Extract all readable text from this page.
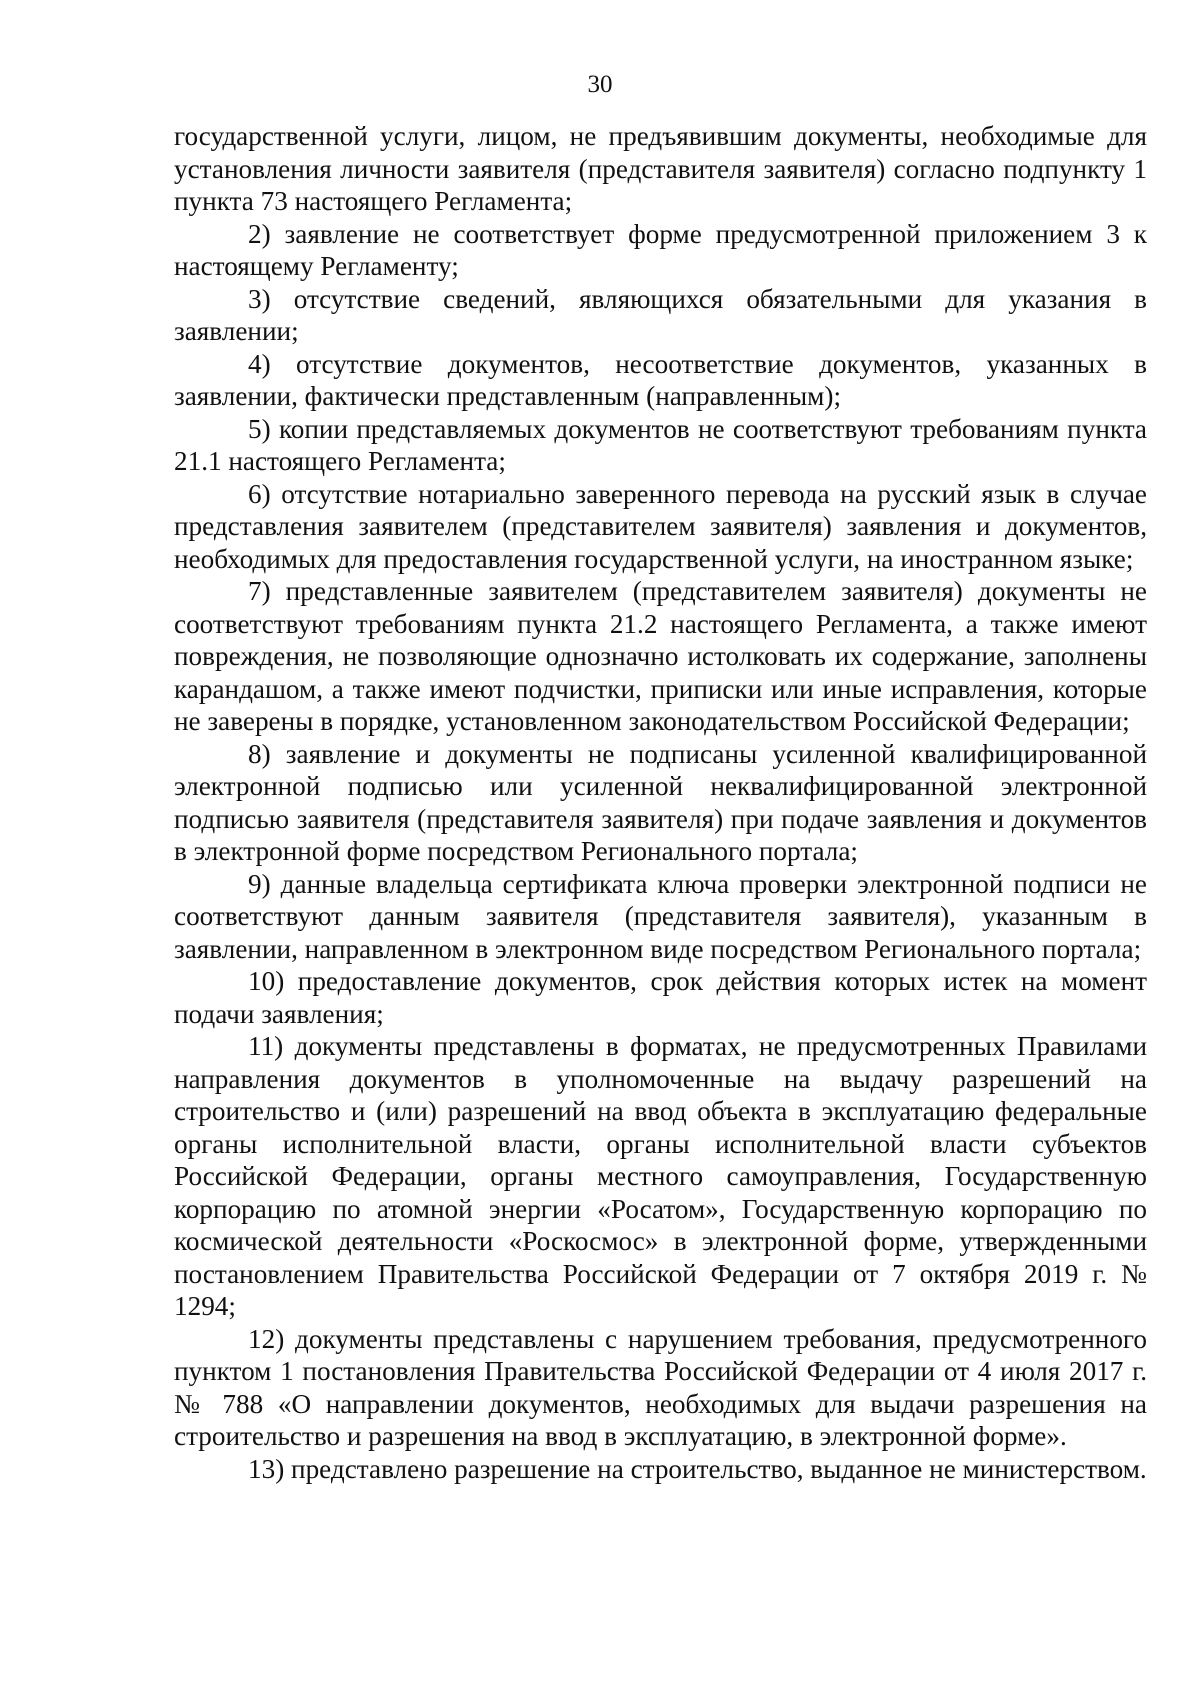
30

государственной услуги, лицом, не предъявившим документы, необходимые для установления личности заявителя (представителя заявителя) согласно подпункту 1 пункта 73 настоящего Регламента;

2) заявление не соответствует форме предусмотренной приложением 3 к настоящему Регламенту;

3) отсутствие сведений, являющихся обязательными для указания в заявлении;

4) отсутствие документов, несоответствие документов, указанных в заявлении, фактически представленным (направленным);

5) копии представляемых документов не соответствуют требованиям пункта 21.1 настоящего Регламента;

6) отсутствие нотариально заверенного перевода на русский язык в случае представления заявителем (представителем заявителя) заявления и документов, необходимых для предоставления государственной услуги, на иностранном языке;

7) представленные заявителем (представителем заявителя) документы не соответствуют требованиям пункта 21.2 настоящего Регламента, а также имеют повреждения, не позволяющие однозначно истолковать их содержание, заполнены карандашом, а также имеют подчистки, приписки или иные исправления, которые не заверены в порядке, установленном законодательством Российской Федерации;

8) заявление и документы не подписаны усиленной квалифицированной электронной подписью или усиленной неквалифицированной электронной подписью заявителя (представителя заявителя) при подаче заявления и документов в электронной форме посредством Регионального портала;

9) данные владельца сертификата ключа проверки электронной подписи не соответствуют данным заявителя (представителя заявителя), указанным в заявлении, направленном в электронном виде посредством Регионального портала;

10) предоставление документов, срок действия которых истек на момент подачи заявления;

11) документы представлены в форматах, не предусмотренных Правилами направления документов в уполномоченные на выдачу разрешений на строительство и (или) разрешений на ввод объекта в эксплуатацию федеральные органы исполнительной власти, органы исполнительной власти субъектов Российской Федерации, органы местного самоуправления, Государственную корпорацию по атомной энергии «Росатом», Государственную корпорацию по космической деятельности «Роскосмос» в электронной форме, утвержденными постановлением Правительства Российской Федерации от 7 октября 2019 г. № 1294;

12) документы представлены с нарушением требования, предусмотренного пунктом 1 постановления Правительства Российской Федерации от 4 июля 2017 г. № 788 «О направлении документов, необходимых для выдачи разрешения на строительство и разрешения на ввод в эксплуатацию, в электронной форме».

13) представлено разрешение на строительство, выданное не министерством.
